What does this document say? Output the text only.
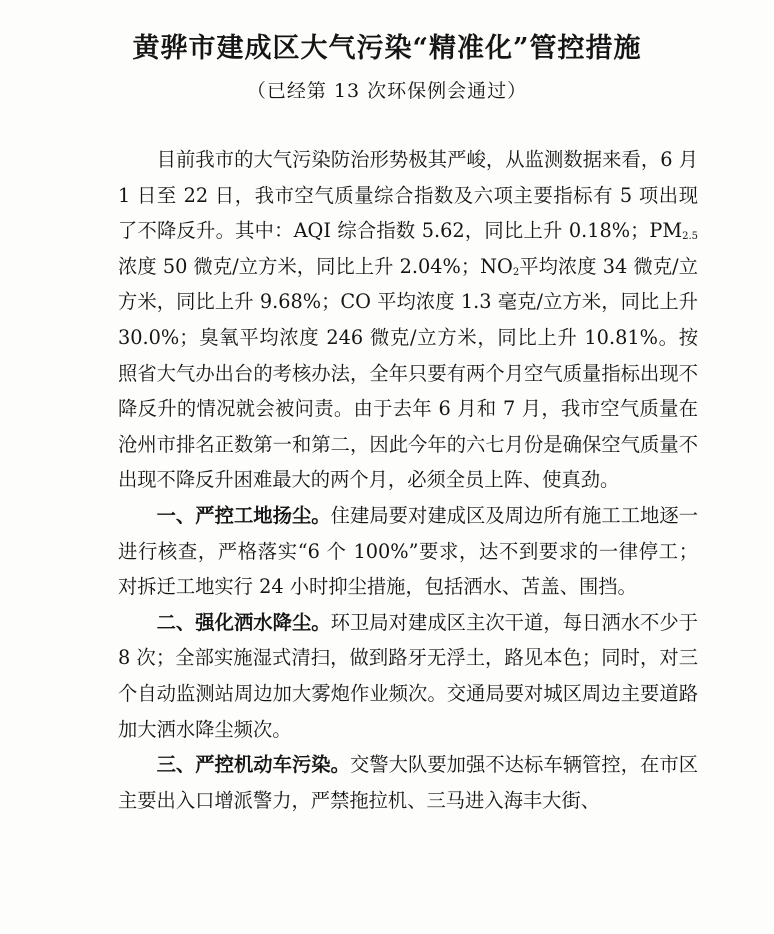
黄骅市建成区大气污染“精准化”管控措施
（已经第 13 次环保例会通过）

目前我市的大气污染防治形势极其严峻，从监测数据来看，6 月 1 日至 22 日，我市空气质量综合指数及六项主要指标有 5 项出现了不降反升。其中：AQI 综合指数 5.62，同比上升 0.18%；$PM_{2.5}$浓度 50 微克/立方米，同比上升 2.04%；$NO_2$平均浓度 34 微克/立方米，同比上升 9.68%；CO 平均浓度 1.3 毫克/立方米，同比上升 30.0%；臭氧平均浓度 246 微克/立方米，同比上升 10.81%。按照省大气办出台的考核办法，全年只要有两个月空气质量指标出现不降反升的情况就会被问责。由于去年 6 月和 7 月，我市空气质量在沧州市排名正数第一和第二，因此今年的六七月份是确保空气质量不出现不降反升困难最大的两个月，必须全员上阵、使真劲。

一、严控工地扬尘。住建局要对建成区及周边所有施工工地逐一进行核查，严格落实“6 个 100%”要求，达不到要求的一律停工；对拆迁工地实行 24 小时抑尘措施，包括洒水、苫盖、围挡。

二、强化洒水降尘。环卫局对建成区主次干道，每日洒水不少于 8 次；全部实施湿式清扫，做到路牙无浮土，路见本色；同时，对三个自动监测站周边加大雾炮作业频次。交通局要对城区周边主要道路加大洒水降尘频次。

三、严控机动车污染。交警大队要加强不达标车辆管控，在市区主要出入口增派警力，严禁拖拉机、三马进入海丰大街、
